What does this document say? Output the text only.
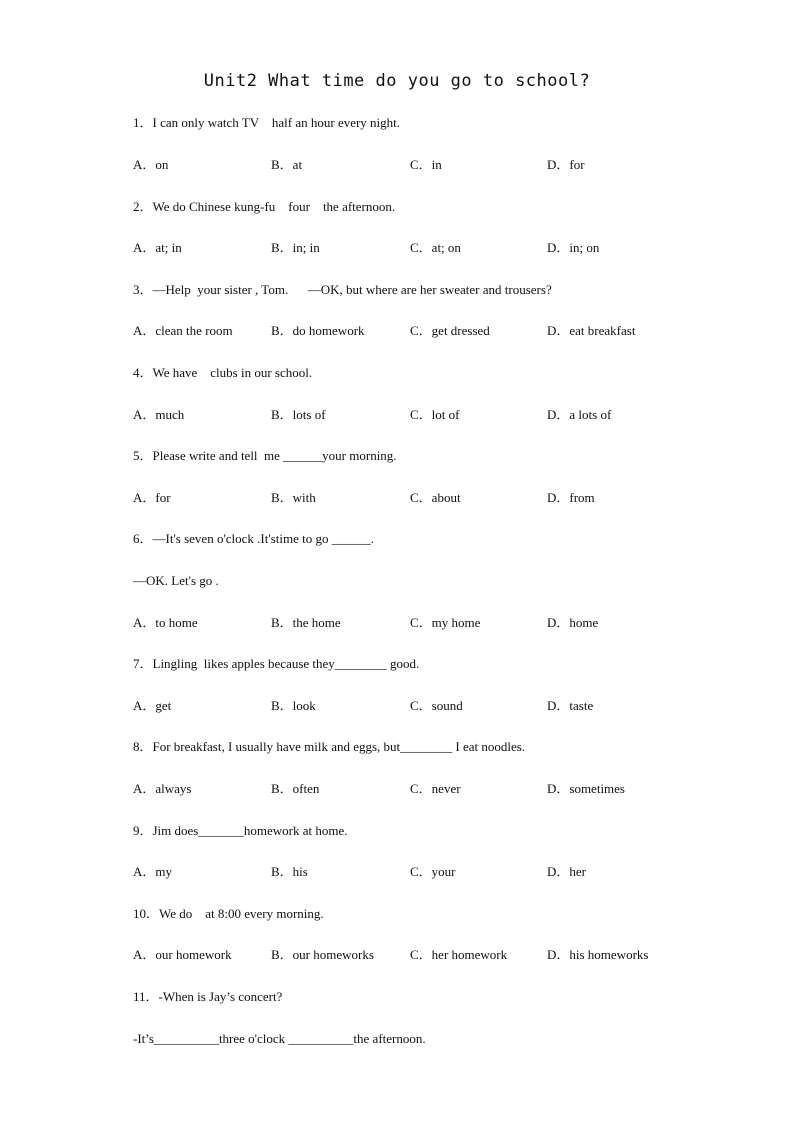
Unit2 What time do you go to school?
1．I can only watch TV    half an hour every night.
A．on	B．at	C．in	D．for
2．We do Chinese kung-fu    four    the afternoon.
A．at; in	B．in; in	C．at; on	D．in; on
3．—Help  your sister , Tom.      —OK, but where are her sweater and trousers?
A．clean the room	B．do homework	C．get dressed	D．eat breakfast
4．We have    clubs in our school.
A．much	B．lots of	C．lot of	D．a lots of
5．Please write and tell  me ______your morning.
A．for	B．with	C．about	D．from
6．—It's seven o'clock .It'stime to go ______.
—OK. Let's go .
A．to home	B．the home	C．my home	D．home
7．Lingling  likes apples because they________ good.
A．get	B．look	C．sound	D．taste
8．For breakfast, I usually have milk and eggs, but________ I eat noodles.
A．always	B．often	C．never	D．sometimes
9．Jim does_______homework at home.
A．my	B．his	C．your	D．her
10．We do    at 8:00 every morning.
A．our homework	B．our homeworks	C．her homework	D．his homeworks
11．-When is Jay’s concert?
-It’s__________three o'clock __________the afternoon.
